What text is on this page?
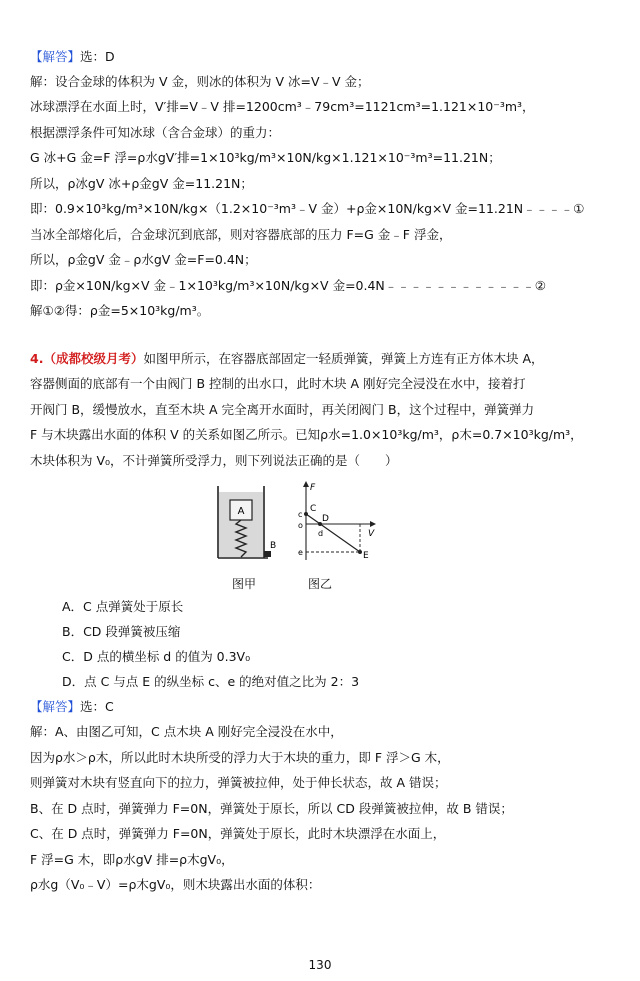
【解答】选：D
解：设合金球的体积为 V 金，则冰的体积为 V 冰=V﹣V 金；
冰球漂浮在水面上时，V′排=V﹣V 排=1200cm³﹣79cm³=1121cm³=1.121×10⁻³m³，
根据漂浮条件可知冰球（含合金球）的重力：
G 冰+G 金=F 浮=ρ水gV′排=1×10³kg/m³×10N/kg×1.121×10⁻³m³=11.21N；
所以，ρ冰gV 冰+ρ金gV 金=11.21N；
即：0.9×10³kg/m³×10N/kg×（1.2×10⁻³m³﹣V 金）+ρ金×10N/kg×V 金=11.21N﹣﹣﹣﹣①
当冰全部熔化后，合金球沉到底部，则对容器底部的压力 F=G 金﹣F 浮金，
所以，ρ金gV 金﹣ρ水gV 金=F=0.4N；
即：ρ金×10N/kg×V 金﹣1×10³kg/m³×10N/kg×V 金=0.4N﹣﹣﹣﹣﹣﹣﹣﹣﹣﹣﹣﹣②
解①②得：ρ金=5×10³kg/m³。
4.（成都校级月考）如图甲所示，在容器底部固定一轻质弹簧，弹簧上方连有正方体木块 A，
容器侧面的底部有一个由阀门 B 控制的出水口，此时木块 A 刚好完全浸没在水中，接着打
开阀门 B，缓慢放水，直至木块 A 完全离开水面时，再关闭阀门 B，这个过程中，弹簧弹力
F 与木块露出水面的体积 V 的关系如图乙所示。已知ρ水=1.0×10³kg/m³，ρ木=0.7×10³kg/m³，
木块体积为 V₀，不计弹簧所受浮力，则下列说法正确的是（　　）
A
B
F
V
c
C
D
d
o
e	E
图甲	图乙
A．C 点弹簧处于原长
B．CD 段弹簧被压缩
C．D 点的横坐标 d 的值为 0.3V₀
D．点 C 与点 E 的纵坐标 c、e 的绝对值之比为 2：3
【解答】选：C
解：A、由图乙可知，C 点木块 A 刚好完全浸没在水中，
因为ρ水＞ρ木，所以此时木块所受的浮力大于木块的重力，即 F 浮＞G 木，
则弹簧对木块有竖直向下的拉力，弹簧被拉伸，处于伸长状态，故 A 错误；
B、在 D 点时，弹簧弹力 F=0N，弹簧处于原长，所以 CD 段弹簧被拉伸，故 B 错误；
C、在 D 点时，弹簧弹力 F=0N，弹簧处于原长，此时木块漂浮在水面上，
F 浮=G 木，即ρ水gV 排=ρ木gV₀，
ρ水g（V₀﹣V）=ρ木gV₀，则木块露出水面的体积：
130
